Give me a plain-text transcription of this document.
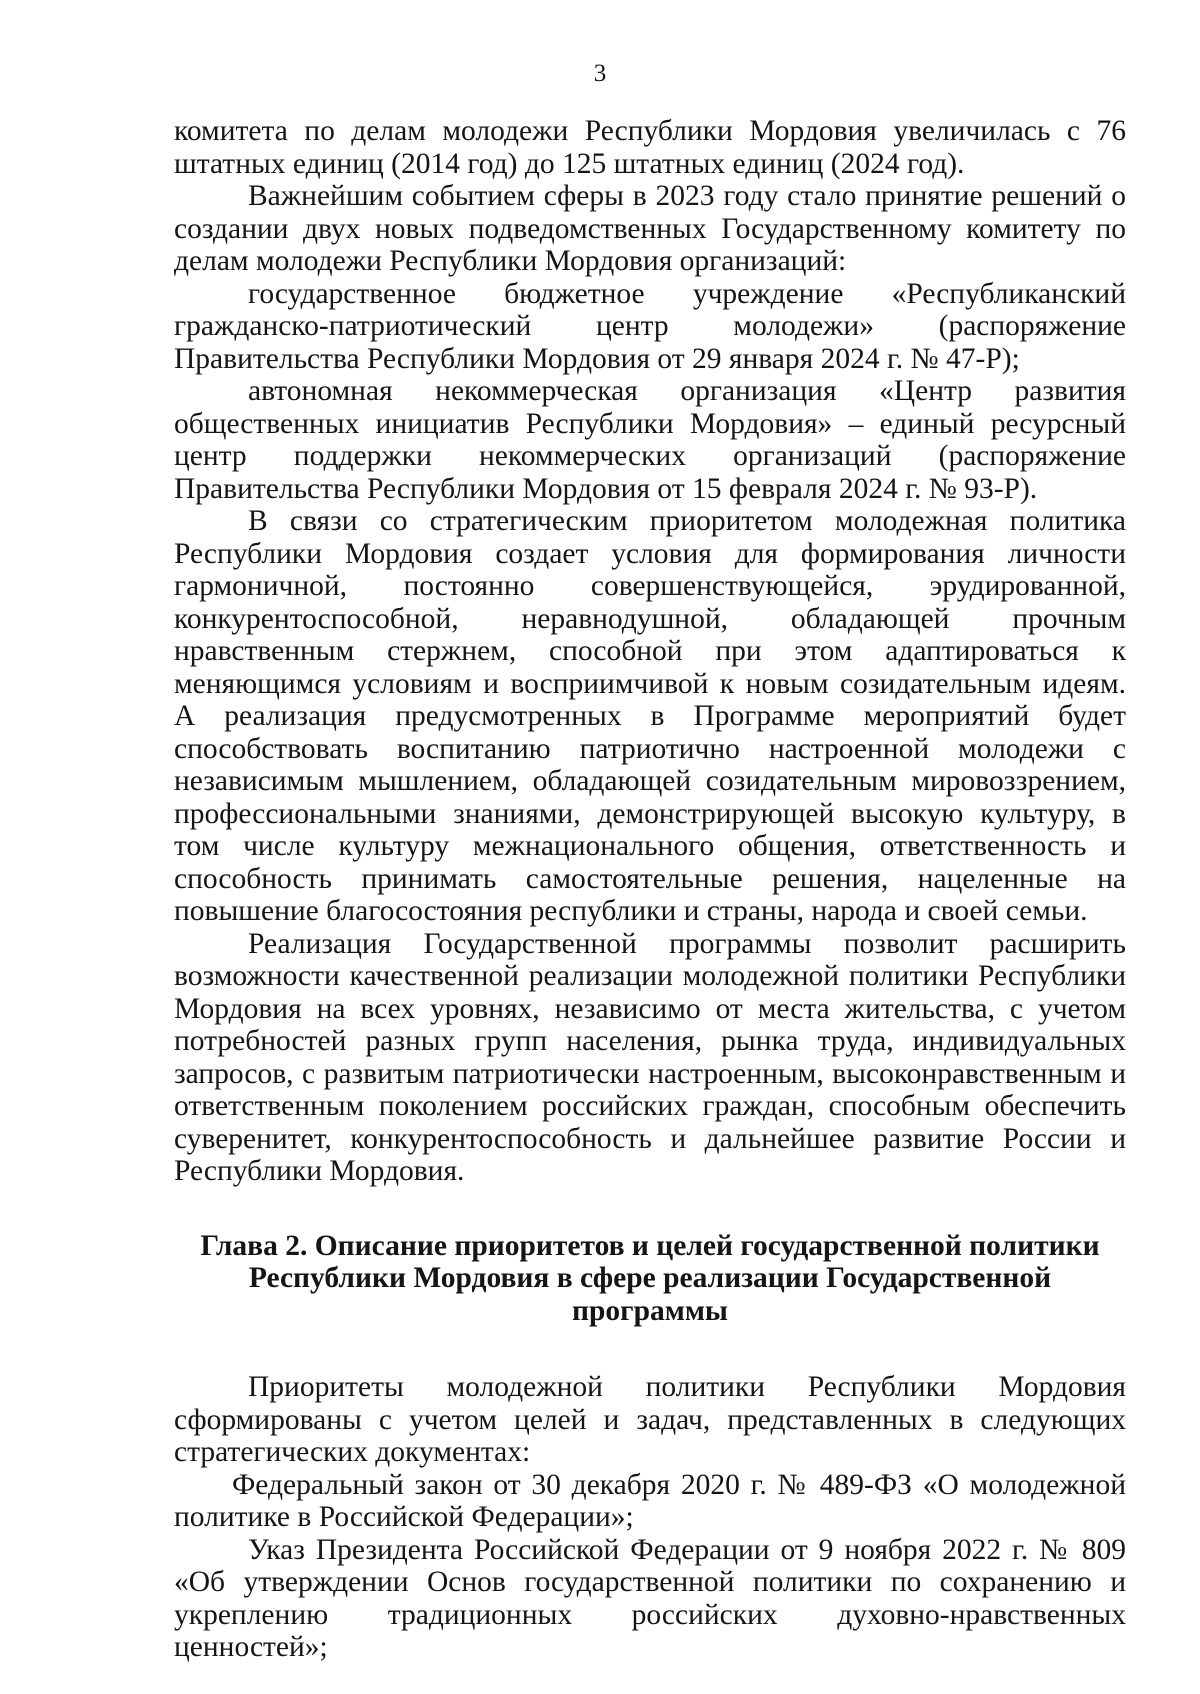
3

комитета по делам молодежи Республики Мордовия увеличилась с 76 штатных единиц (2014 год) до 125 штатных единиц (2024 год).

Важнейшим событием сферы в 2023 году стало принятие решений о создании двух новых подведомственных Государственному комитету по делам молодежи Республики Мордовия организаций:

государственное бюджетное учреждение «Республиканский гражданско-патриотический центр молодежи» (распоряжение Правительства Республики Мордовия от 29 января 2024 г. № 47-Р);

автономная некоммерческая организация «Центр развития общественных инициатив Республики Мордовия» – единый ресурсный центр поддержки некоммерческих организаций (распоряжение Правительства Республики Мордовия от 15 февраля 2024 г. № 93-Р).

В связи со стратегическим приоритетом молодежная политика Республики Мордовия создает условия для формирования личности гармоничной, постоянно совершенствующейся, эрудированной, конкурентоспособной, неравнодушной, обладающей прочным нравственным стержнем, способной при этом адаптироваться к меняющимся условиям и восприимчивой к новым созидательным идеям. А реализация предусмотренных в Программе мероприятий будет способствовать воспитанию патриотично настроенной молодежи с независимым мышлением, обладающей созидательным мировоззрением, профессиональными знаниями, демонстрирующей высокую культуру, в том числе культуру межнационального общения, ответственность и способность принимать самостоятельные решения, нацеленные на повышение благосостояния республики и страны, народа и своей семьи.

Реализация Государственной программы позволит расширить возможности качественной реализации молодежной политики Республики Мордовия на всех уровнях, независимо от места жительства, с учетом потребностей разных групп населения, рынка труда, индивидуальных запросов, с развитым патриотически настроенным, высоконравственным и ответственным поколением российских граждан, способным обеспечить суверенитет, конкурентоспособность и дальнейшее развитие России и Республики Мордовия.

Глава 2. Описание приоритетов и целей государственной политики
Республики Мордовия в сфере реализации Государственной программы

Приоритеты молодежной политики Республики Мордовия сформированы с учетом целей и задач, представленных в следующих стратегических документах:

Федеральный закон от 30 декабря 2020 г. № 489-ФЗ «О молодежной политике в Российской Федерации»;

Указ Президента Российской Федерации от 9 ноября 2022 г. № 809 «Об утверждении Основ государственной политики по сохранению и укреплению традиционных российских духовно-нравственных ценностей»;
